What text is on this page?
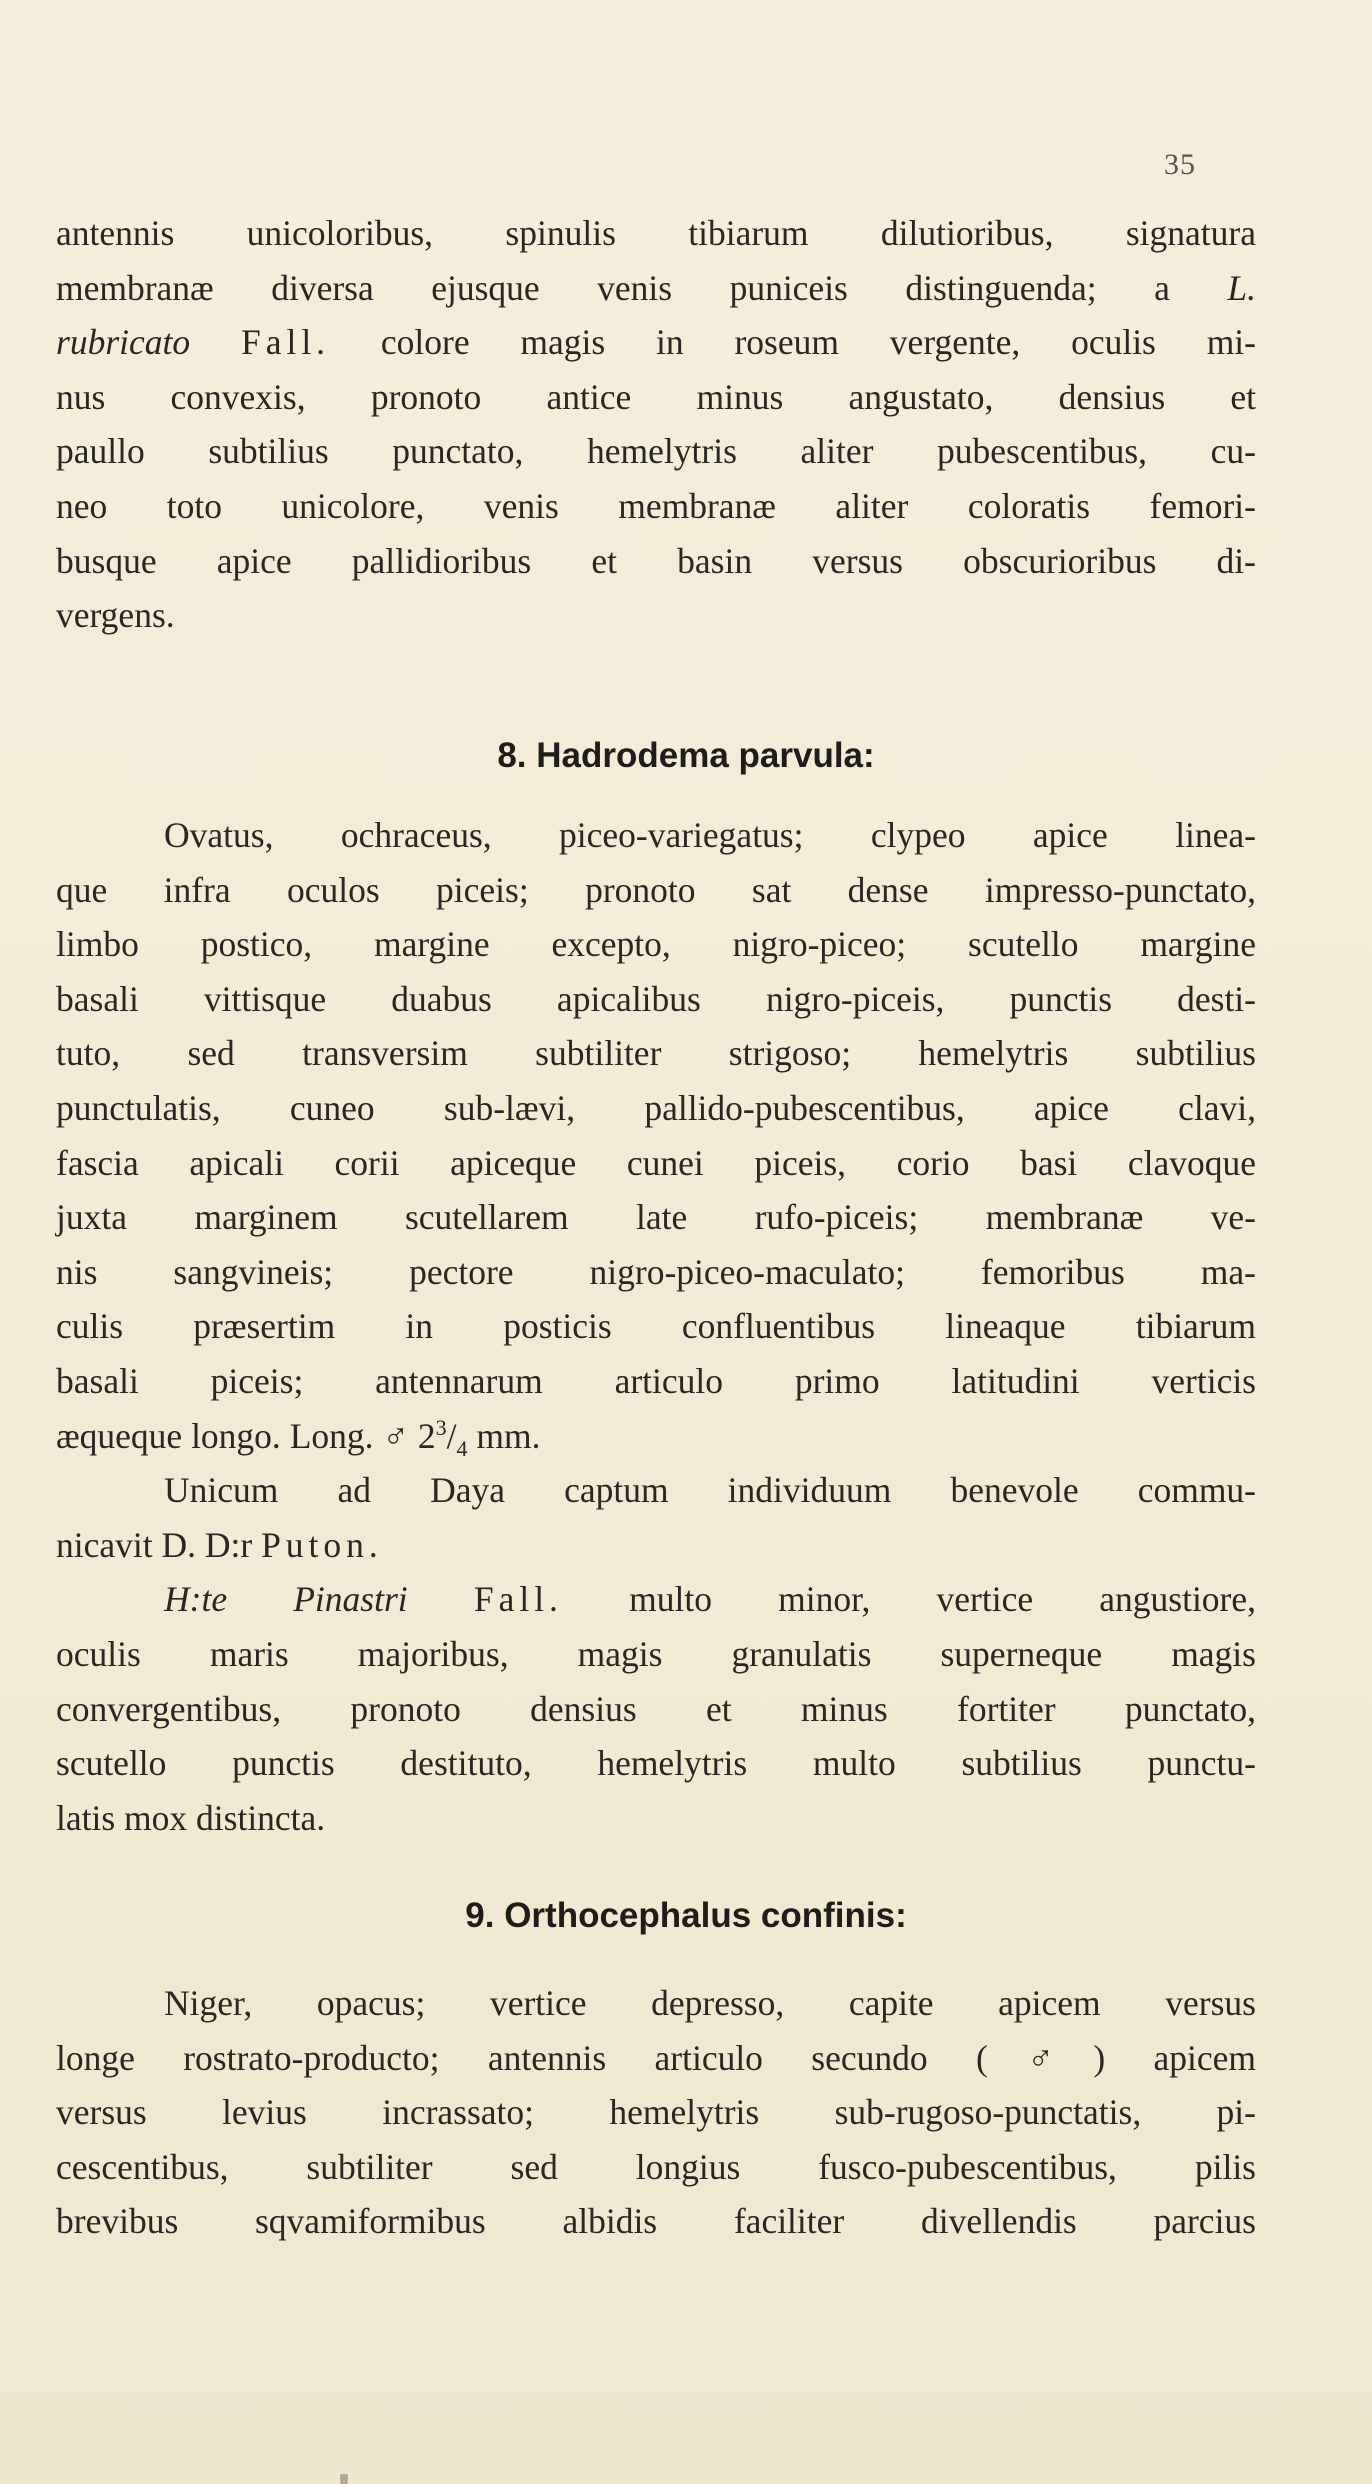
35
antennis unicoloribus, spinulis tibiarum dilutioribus, signatura
membranæ diversa ejusque venis puniceis distinguenda; a L.
rubricato Fall. colore magis in roseum vergente, oculis mi-
nus convexis, pronoto antice minus angustato, densius et
paullo subtilius punctato, hemelytris aliter pubescentibus, cu-
neo toto unicolore, venis membranæ aliter coloratis femori-
busque apice pallidioribus et basin versus obscurioribus di-
vergens.
8. Hadrodema parvula:
Ovatus, ochraceus, piceo-variegatus; clypeo apice linea-
que infra oculos piceis; pronoto sat dense impresso-punctato,
limbo postico, margine excepto, nigro-piceo; scutello margine
basali vittisque duabus apicalibus nigro-piceis, punctis desti-
tuto, sed transversim subtiliter strigoso; hemelytris subtilius
punctulatis, cuneo sub-lævi, pallido-pubescentibus, apice clavi,
fascia apicali corii apiceque cunei piceis, corio basi clavoque
juxta marginem scutellarem late rufo-piceis; membranæ ve-
nis sangvineis; pectore nigro-piceo-maculato; femoribus ma-
culis præsertim in posticis confluentibus lineaque tibiarum
basali piceis; antennarum articulo primo latitudini verticis
æqueque longo. Long. ♂ $2^3/_4$ mm.
Unicum ad Daya captum individuum benevole commu-
nicavit D. D:r Puton.
H:te Pinastri Fall. multo minor, vertice angustiore,
oculis maris majoribus, magis granulatis superneque magis
convergentibus, pronoto densius et minus fortiter punctato,
scutello punctis destituto, hemelytris multo subtilius punctu-
latis mox distincta.
9. Orthocephalus confinis:
Niger, opacus; vertice depresso, capite apicem versus
longe rostrato-producto; antennis articulo secundo (♂) apicem
versus levius incrassato; hemelytris sub-rugoso-punctatis, pi-
cescentibus, subtiliter sed longius fusco-pubescentibus, pilis
brevibus sqvamiformibus albidis faciliter divellendis parcius
